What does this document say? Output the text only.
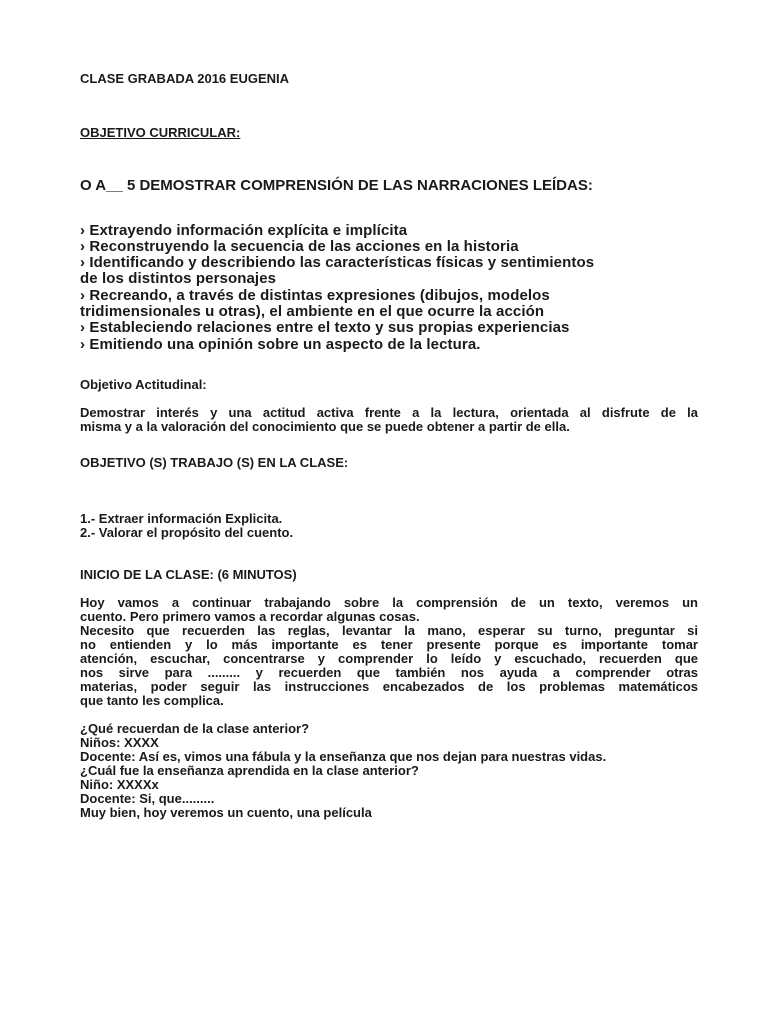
CLASE GRABADA 2016 EUGENIA
OBJETIVO CURRICULAR:
O A__ 5 DEMOSTRAR COMPRENSIÓN DE LAS NARRACIONES LEÍDAS:
› Extrayendo información explícita e implícita
› Reconstruyendo la secuencia de las acciones en la historia
› Identificando y describiendo las características físicas y sentimientos
de los distintos personajes
› Recreando, a través de distintas expresiones (dibujos, modelos
tridimensionales u otras), el ambiente en el que ocurre la acción
› Estableciendo relaciones entre el texto y sus propias experiencias
› Emitiendo una opinión sobre un aspecto de la lectura.
Objetivo Actitudinal:
Demostrar interés y una actitud activa frente a la lectura, orientada al disfrute de la
misma y a la valoración del conocimiento que se puede obtener a partir de ella.
OBJETIVO (S) TRABAJO (S) EN LA CLASE:
1.- Extraer información Explicita.
2.- Valorar el propósito del cuento.
INICIO DE LA CLASE: (6 MINUTOS)
Hoy vamos a continuar trabajando sobre la comprensión de un texto, veremos un
cuento. Pero primero vamos a recordar algunas cosas.
Necesito que recuerden las reglas, levantar la mano, esperar su turno, preguntar si
no entienden y lo más importante es tener presente porque es importante tomar
atención, escuchar, concentrarse y comprender lo leído y escuchado, recuerden que
nos sirve para ......... y recuerden que también nos ayuda a comprender otras
materias, poder seguir las instrucciones encabezados de los problemas matemáticos
que tanto les complica.
¿Qué recuerdan de la clase anterior?
Niños: XXXX
Docente: Así es, vimos una fábula y la enseñanza que nos dejan para nuestras vidas.
¿Cuál fue la enseñanza aprendida en la clase anterior?
Niño: XXXXx
Docente: Si, que.........
Muy bien, hoy veremos un cuento, una película
